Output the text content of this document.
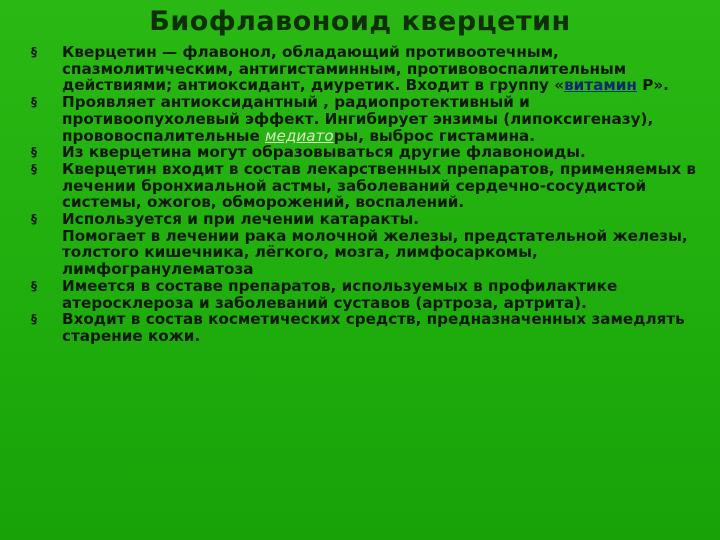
Биофлавоноид кверцетин
§ Кверцетин — флавонол, обладающий противоотечным, спазмолитическим, антигистаминным, противовоспалительным действиями; антиоксидант, диуретик. Входит в группу «витамин Р».
§ Проявляет антиоксидантный , радиопротективный и противоопухолевый эффект. Ингибирует энзимы (липоксигеназу), прововоспалительные медиаторы, выброс гистамина.
§ Из кверцетина могут образовываться другие флавоноиды.
§ Кверцетин входит в состав лекарственных препаратов, применяемых в лечении бронхиальной астмы, заболеваний сердечно-сосудистой системы, ожогов, обморожений, воспалений.
§ Используется и при лечении катаракты.
Помогает в лечении рака молочной железы, предстательной железы, толстого кишечника, лёгкого, мозга, лимфосаркомы, лимфогранулематоза
§ Имеется в составе препаратов, используемых в профилактике атеросклероза и заболеваний суставов (артроза, артрита).
§ Входит в состав косметических средств, предназначенных замедлять старение кожи.
